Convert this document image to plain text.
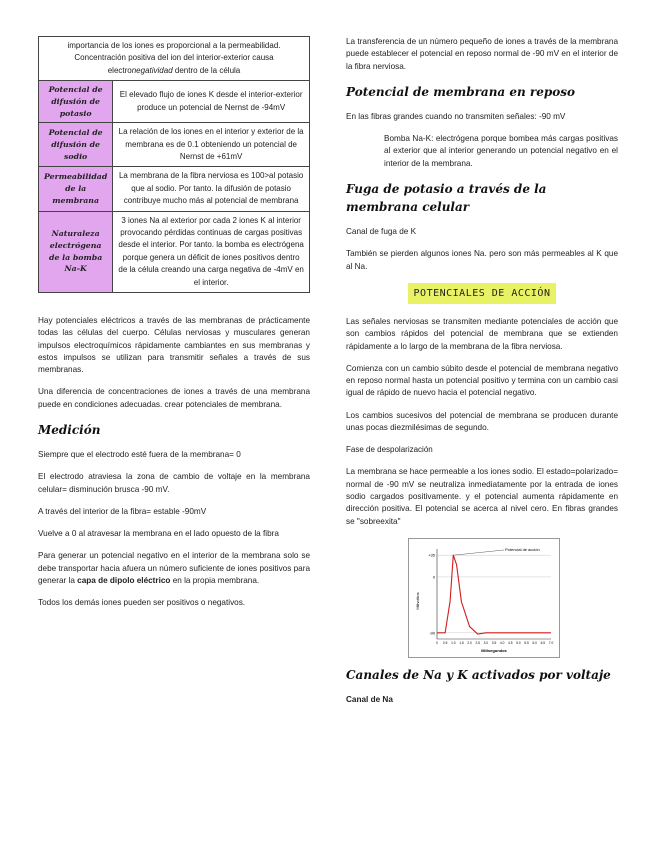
importancia de los iones es proporcional a la permeabilidad. Concentración positiva del ion del interior-exterior causa electronegatividad dentro de la célula	
Potencial de difusión de potasio	El elevado flujo de iones K desde el interior-exterior produce un potencial de Nernst de -94mV
Potencial de difusión de sodio	La relación de los iones en el interior y exterior de la membrana es de 0.1 obteniendo un potencial de Nernst de +61mV
Permeabilidad de la membrana	La membrana de la fibra nerviosa es 100>al potasio que al sodio. Por tanto. la difusión de potasio contribuye mucho más al potencial de membrana
Naturaleza electrógena de la bomba Na-K	3 iones Na al exterior por cada 2 iones K al interior provocando pérdidas continuas de cargas positivas desde el interior. Por tanto. la bomba es electrógena porque genera un déficit de iones positivos dentro de la célula creando una carga negativa de -4mV en el interior.

Hay potenciales eléctricos a través de las membranas de prácticamente todas las células del cuerpo. Células nerviosas y musculares generan impulsos electroquímicos rápidamente cambiantes en sus membranas y estos impulsos se utilizan para transmitir señales a través de sus membranas.

Una diferencia de concentraciones de iones a través de una membrana puede en condiciones adecuadas. crear potenciales de membrana.

Medición

Siempre que el electrodo esté fuera de la membrana= 0

El electrodo atraviesa la zona de cambio de voltaje en la membrana celular= disminución brusca -90 mV.

A través del interior de la fibra= estable -90mV

Vuelve a 0 al atravesar la membrana en el lado opuesto de la fibra

Para generar un potencial negativo en el interior de la membrana solo se debe transportar hacia afuera un número suficiente de iones positivos para generar la capa de dipolo eléctrico en la propia membrana.

Todos los demás iones pueden ser positivos o negativos.

La transferencia de un número pequeño de iones a través de la membrana puede establecer el potencial en reposo normal de -90 mV en el interior de la fibra nerviosa.

Potencial de membrana en reposo

En las fibras grandes cuando no transmiten señales: -90 mV

Bomba Na-K: electrógena porque bombea más cargas positivas al exterior que al interior generando un potencial negativo en el interior de la membrana.

Fuga de potasio a través de la membrana celular

Canal de fuga de K

También se pierden algunos iones Na. pero son más permeables al K que al Na.

POTENCIALES DE ACCIÓN

Las señales nerviosas se transmiten mediante potenciales de acción que son cambios rápidos del potencial de membrana que se extienden rápidamente a lo largo de la membrana de la fibra nerviosa.

Comienza con un cambio súbito desde el potencial de membrana negativo en reposo normal hasta un potencial positivo y termina con un cambio casi igual de rápido de nuevo hacia el potencial negativo.

Los cambios sucesivos del potencial de membrana se producen durante unas pocas diezmilésimas de segundo.

Fase de despolarización

La membrana se hace permeable a los iones sodio. El estado=polarizado= normal de -90 mV se neutraliza inmediatamente por la entrada de iones sodio cargados positivamente. y el potencial aumenta rápidamente en dirección positiva. El potencial se acerca al nivel cero. En fibras grandes se "sobreexita"

Milivoltios
Milisegundos
Potencial de acción
+35
0
-90
0 0.5 1.0 1.5 2.0 2.5 3.0 3.5 4.0 4.5 5.0 5.5 6.0 6.5 7.0
Canales de Na y K activados por voltaje

Canal de Na
